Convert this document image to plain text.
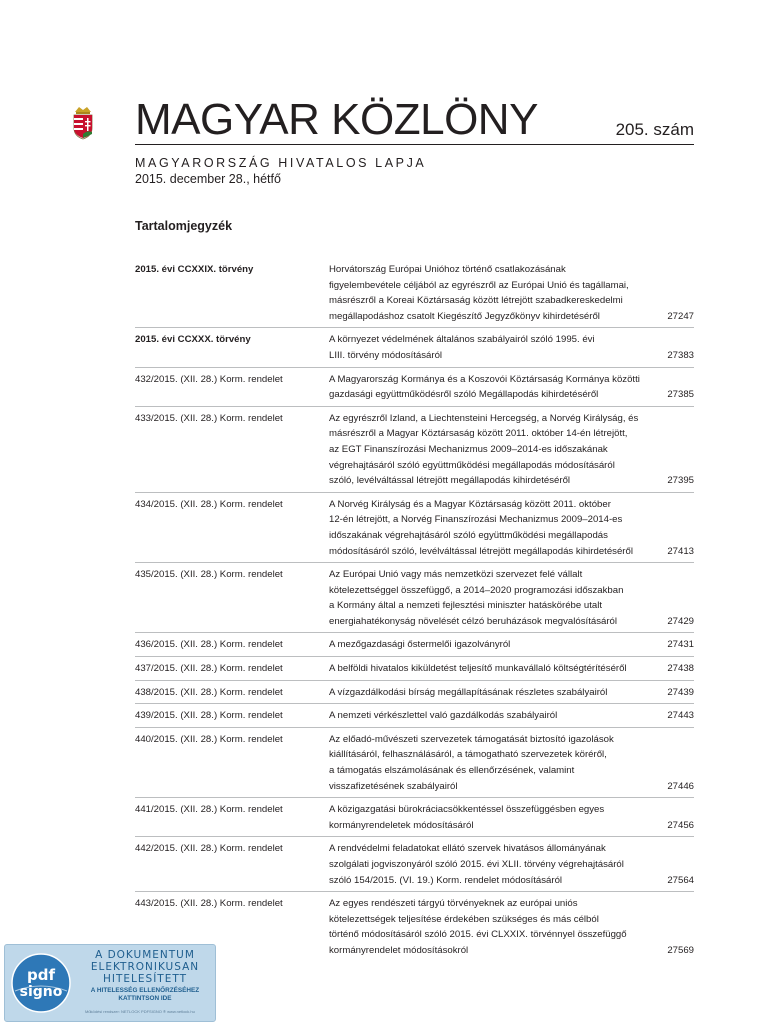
MAGYAR KÖZLÖNY	205. szám
MAGYARORSZÁG HIVATALOS LAPJA
2015. december 28., hétfő
Tartalomjegyzék
2015. évi CCXXIX. törvény	Horvátország Európai Unióhoz történő csatlakozásának
figyelembevétele céljából az egyrészről az Európai Unió és tagállamai,
másrészről a Koreai Köztársaság között létrejött szabadkereskedelmi
megállapodáshoz csatolt Kiegészítő Jegyzőkönyv kihirdetéséről	27247
2015. évi CCXXX. törvény	A környezet védelmének általános szabályairól szóló 1995. évi
LIII. törvény módosításáról	27383
432/2015. (XII. 28.) Korm. rendelet	A Magyarország Kormánya és a Koszovói Köztársaság Kormánya közötti
gazdasági együttműködésről szóló Megállapodás kihirdetéséről	27385
433/2015. (XII. 28.) Korm. rendelet	Az egyrészről Izland, a Liechtensteini Hercegség, a Norvég Királyság, és
másrészről a Magyar Köztársaság között 2011. október 14-én létrejött,
az EGT Finanszírozási Mechanizmus 2009–2014-es időszakának
végrehajtásáról szóló együttműködési megállapodás módosításáról
szóló, levélváltással létrejött megállapodás kihirdetéséről	27395
434/2015. (XII. 28.) Korm. rendelet	A Norvég Királyság és a Magyar Köztársaság között 2011. október
12-én létrejött, a Norvég Finanszírozási Mechanizmus 2009–2014-es
időszakának végrehajtásáról szóló együttműködési megállapodás
módosításáról szóló, levélváltással létrejött megállapodás kihirdetéséről	27413
435/2015. (XII. 28.) Korm. rendelet	Az Európai Unió vagy más nemzetközi szervezet felé vállalt
kötelezettséggel összefüggő, a 2014–2020 programozási időszakban
a Kormány által a nemzeti fejlesztési miniszter hatáskörébe utalt
energiahatékonyság növelését célzó beruházások megvalósításáról	27429
436/2015. (XII. 28.) Korm. rendelet	A mezőgazdasági őstermelői igazolványról	27431
437/2015. (XII. 28.) Korm. rendelet	A belföldi hivatalos kiküldetést teljesítő munkavállaló költségtérítéséről	27438
438/2015. (XII. 28.) Korm. rendelet	A vízgazdálkodási bírság megállapításának részletes szabályairól	27439
439/2015. (XII. 28.) Korm. rendelet	A nemzeti vérkészlettel való gazdálkodás szabályairól	27443
440/2015. (XII. 28.) Korm. rendelet	Az előadó-művészeti szervezetek támogatását biztosító igazolások
kiállításáról, felhasználásáról, a támogatható szervezetek köréről,
a támogatás elszámolásának és ellenőrzésének, valamint
visszafizetésének szabályairól	27446
441/2015. (XII. 28.) Korm. rendelet	A közigazgatási bürokráciacsökkentéssel összefüggésben egyes
kormányrendeletek módosításáról	27456
442/2015. (XII. 28.) Korm. rendelet	A rendvédelmi feladatokat ellátó szervek hivatásos állományának
szolgálati jogviszonyáról szóló 2015. évi XLII. törvény végrehajtásáról
szóló 154/2015. (VI. 19.) Korm. rendelet módosításáról	27564
443/2015. (XII. 28.) Korm. rendelet	Az egyes rendészeti tárgyú törvényeknek az európai uniós
kötelezettségek teljesítése érdekében szükséges és más célból
történő módosításáról szóló 2015. évi CLXXIX. törvénnyel összefüggő
kormányrendelet módosításokról	27569
pdf
signo
A DOKUMENTUM ELEKTRONIKUSAN HITELESÍTETT
A HITELESSÉG ELLENŐRZÉSÉHEZ KATTINTSON IDE
Működési rendszer: NETLOCK PDFSIGNO ® www.netlock.hu
